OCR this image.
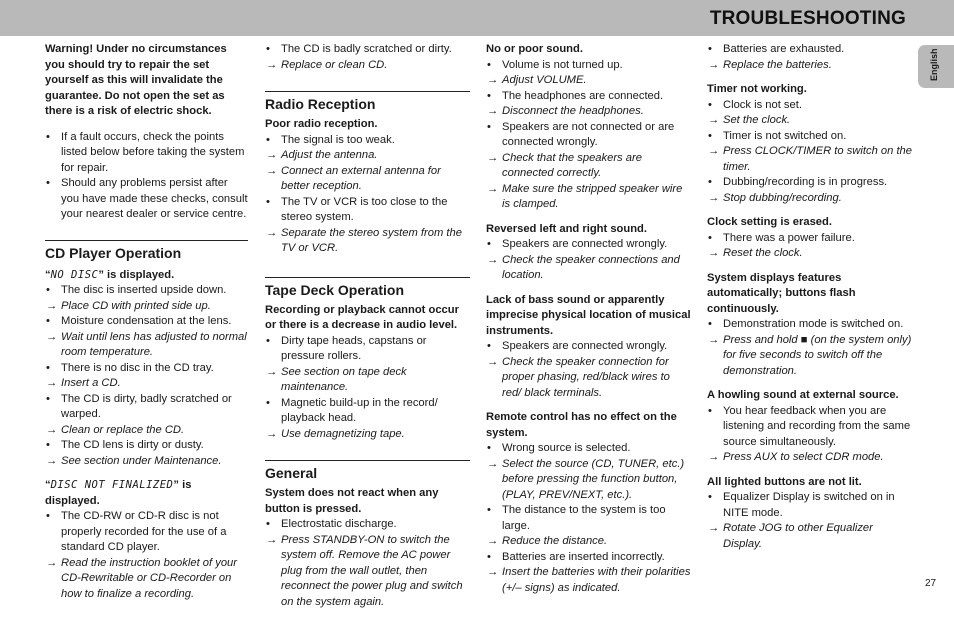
TROUBLESHOOTING
English

Warning! Under no circumstances you should try to repair the set yourself as this will invalidate the guarantee. Do not open the set as there is a risk of electric shock.

• If a fault occurs, check the points listed below before taking the system for repair.
• Should any problems persist after you have made these checks, consult your nearest dealer or service centre.
CD Player Operation

“NO DISC” is displayed.

• The disc is inserted upside down.
→ Place CD with printed side up.
• Moisture condensation at the lens.
→ Wait until lens has adjusted to normal room temperature.
• There is no disc in the CD tray.
→ Insert a CD.
• The CD is dirty, badly scratched or warped.
→ Clean or replace the CD.
• The CD lens is dirty or dusty.
→ See section under Maintenance.

“DISC NOT FINALIZED” is displayed.

• The CD-RW or CD-R disc is not properly recorded for the use of a standard CD player.
→ Read the instruction booklet of your CD-Rewritable or CD-Recorder on how to finalize a recording.
• The CD is badly scratched or dirty.
→ Replace or clean CD.
Radio Reception

Poor radio reception.

• The signal is too weak.
→ Adjust the antenna.
→ Connect an external antenna for better reception.
• The TV or VCR is too close to the stereo system.
→ Separate the stereo system from the TV or VCR.
Tape Deck Operation

Recording or playback cannot occur or there is a decrease in audio level.

• Dirty tape heads, capstans or pressure rollers.
→ See section on tape deck maintenance.
• Magnetic build-up in the record/ playback head.
→ Use demagnetizing tape.
General

System does not react when any button is pressed.

• Electrostatic discharge.
→ Press STANDBY-ON to switch the system off. Remove the AC power plug from the wall outlet, then reconnect the power plug and switch on the system again.

No or poor sound.

• Volume is not turned up.
→ Adjust VOLUME.
• The headphones are connected.
→ Disconnect the headphones.
• Speakers are not connected or are connected wrongly.
→ Check that the speakers are connected correctly.
→ Make sure the stripped speaker wire is clamped.

Reversed left and right sound.

• Speakers are connected wrongly.
→ Check the speaker connections and location.

Lack of bass sound or apparently imprecise physical location of musical instruments.

• Speakers are connected wrongly.
→ Check the speaker connection for proper phasing, red/black wires to red/ black terminals.

Remote control has no effect on the system.

• Wrong source is selected.
→ Select the source (CD, TUNER, etc.) before pressing the function button, (PLAY, PREV/NEXT, etc.).
• The distance to the system is too large.
→ Reduce the distance.
• Batteries are inserted incorrectly.
→ Insert the batteries with their polarities (+/– signs) as indicated.
• Batteries are exhausted.
→ Replace the batteries.

Timer not working.

• Clock is not set.
→ Set the clock.
• Timer is not switched on.
→ Press CLOCK/TIMER to switch on the timer.
• Dubbing/recording is in progress.
→ Stop dubbing/recording.

Clock setting is erased.

• There was a power failure.
→ Reset the clock.

System displays features automatically; buttons flash continuously.

• Demonstration mode is switched on.
→ Press and hold ■ (on the system only) for five seconds to switch off the demonstration.

A howling sound at external source.

• You hear feedback when you are listening and recording from the same source simultaneously.
→ Press AUX to select CDR mode.

All lighted buttons are not lit.

• Equalizer Display is switched on in NITE mode.
→ Rotate JOG to other Equalizer Display.
27
